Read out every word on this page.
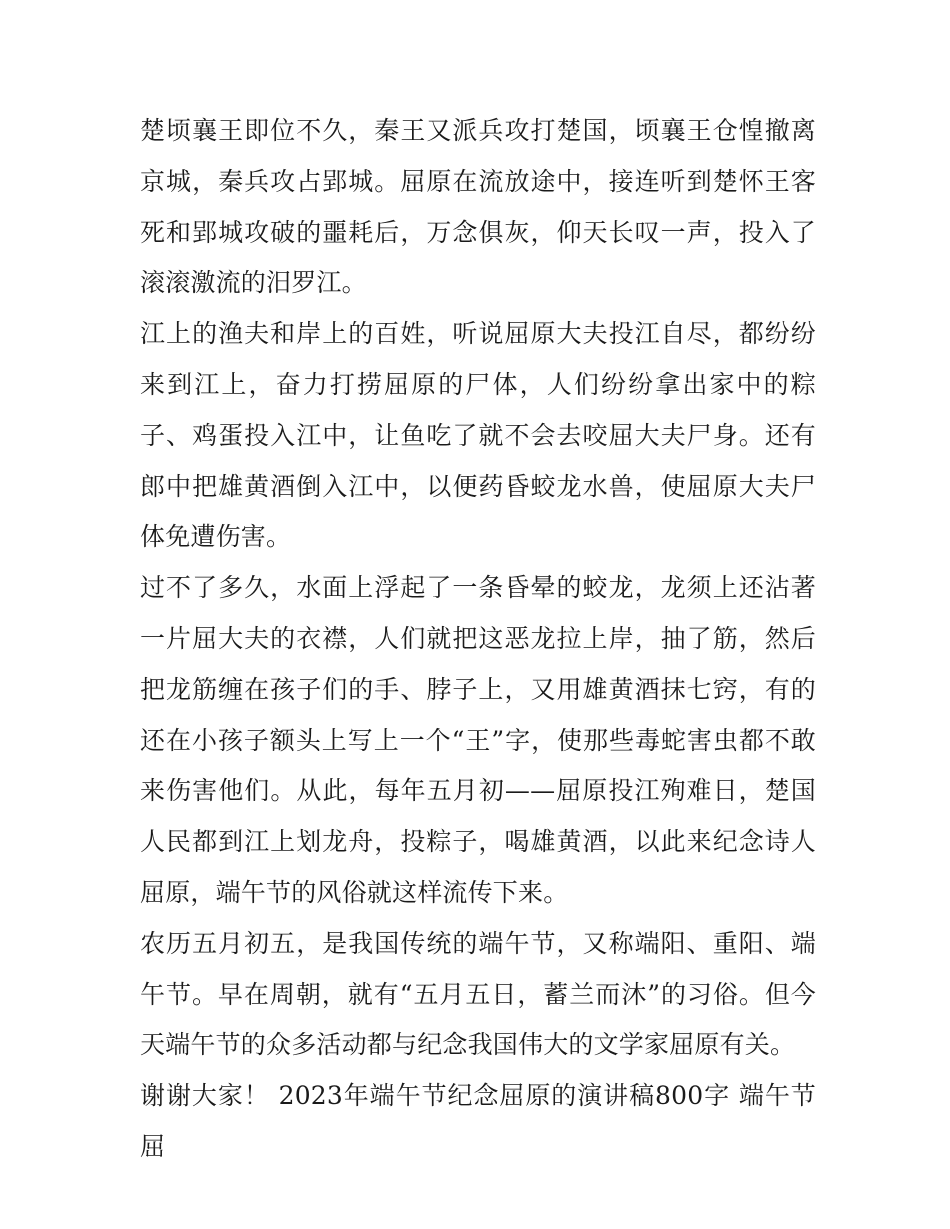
楚顷襄王即位不久，秦王又派兵攻打楚国，顷襄王仓惶撤离京城，秦兵攻占郢城。屈原在流放途中，接连听到楚怀王客死和郢城攻破的噩耗后，万念俱灰，仰天长叹一声，投入了滚滚激流的汨罗江。

江上的渔夫和岸上的百姓，听说屈原大夫投江自尽，都纷纷来到江上，奋力打捞屈原的尸体，人们纷纷拿出家中的粽子、鸡蛋投入江中，让鱼吃了就不会去咬屈大夫尸身。还有郎中把雄黄酒倒入江中，以便药昏蛟龙水兽，使屈原大夫尸体免遭伤害。

过不了多久，水面上浮起了一条昏晕的蛟龙，龙须上还沾著一片屈大夫的衣襟，人们就把这恶龙拉上岸，抽了筋，然后把龙筋缠在孩子们的手、脖子上，又用雄黄酒抹七窍，有的还在小孩子额头上写上一个“王”字，使那些毒蛇害虫都不敢来伤害他们。从此，每年五月初——屈原投江殉难日，楚国人民都到江上划龙舟，投粽子，喝雄黄酒，以此来纪念诗人屈原，端午节的风俗就这样流传下来。

农历五月初五，是我国传统的端午节，又称端阳、重阳、端午节。早在周朝，就有“五月五日，蓄兰而沐”的习俗。但今天端午节的众多活动都与纪念我国伟大的文学家屈原有关。

谢谢大家！ 2023年端午节纪念屈原的演讲稿800字 端午节屈
